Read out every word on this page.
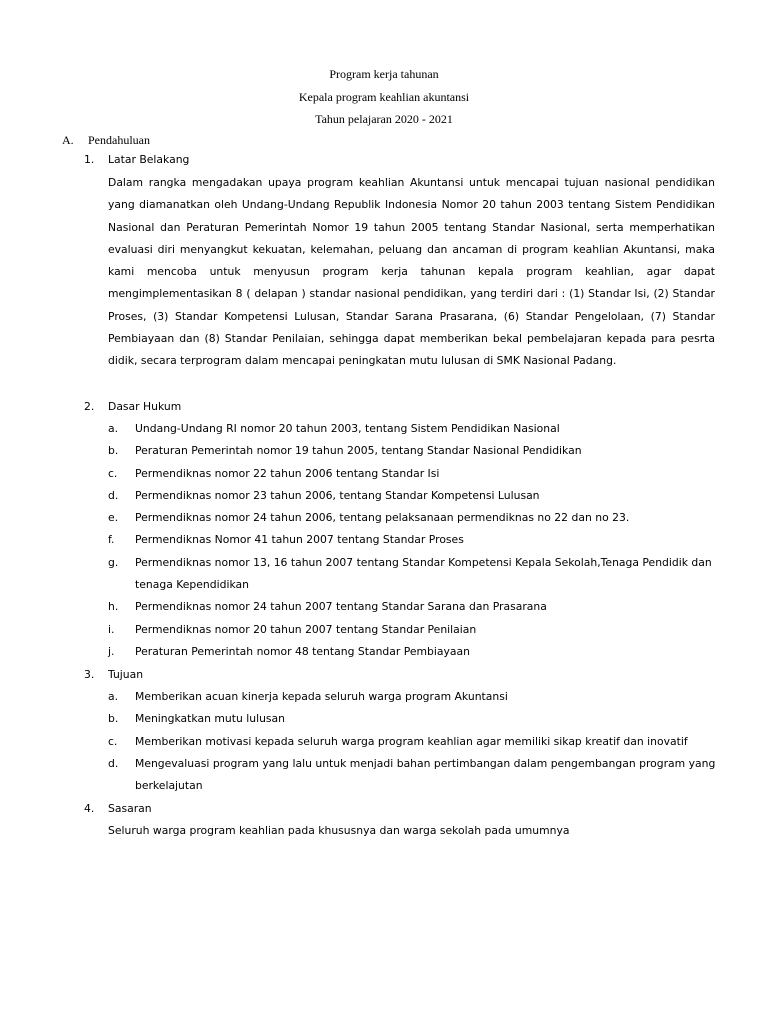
Program kerja tahunan
Kepala program keahlian akuntansi
Tahun pelajaran 2020 - 2021
A. Pendahuluan
1. Latar Belakang
Dalam rangka mengadakan upaya program keahlian Akuntansi untuk mencapai tujuan nasional pendidikan yang diamanatkan oleh Undang-Undang Republik Indonesia Nomor 20 tahun 2003 tentang Sistem Pendidikan Nasional dan Peraturan Pemerintah Nomor 19 tahun 2005 tentang Standar Nasional, serta memperhatikan evaluasi diri menyangkut kekuatan, kelemahan, peluang dan ancaman di program keahlian Akuntansi, maka kami mencoba untuk menyusun program kerja tahunan kepala program keahlian, agar dapat mengimplementasikan 8 ( delapan ) standar nasional pendidikan, yang terdiri dari : (1) Standar Isi, (2) Standar Proses, (3) Standar Kompetensi Lulusan, Standar Sarana Prasarana, (6) Standar Pengelolaan, (7) Standar Pembiayaan dan (8) Standar Penilaian, sehingga dapat memberikan bekal pembelajaran kepada para pesrta didik, secara terprogram dalam mencapai peningkatan mutu lulusan di SMK Nasional Padang.
2. Dasar Hukum
a. Undang-Undang RI nomor 20 tahun 2003, tentang Sistem Pendidikan Nasional
b. Peraturan Pemerintah nomor 19 tahun 2005, tentang Standar Nasional Pendidikan
c. Permendiknas nomor 22 tahun 2006 tentang Standar Isi
d. Permendiknas nomor 23 tahun 2006, tentang Standar Kompetensi Lulusan
e. Permendiknas nomor 24 tahun 2006, tentang pelaksanaan permendiknas no 22 dan no 23.
f. Permendiknas Nomor 41 tahun 2007 tentang Standar Proses
g. Permendiknas nomor 13, 16 tahun 2007 tentang Standar Kompetensi Kepala Sekolah,Tenaga Pendidik dan tenaga Kependidikan
h. Permendiknas nomor 24 tahun 2007 tentang Standar Sarana dan Prasarana
i. Permendiknas nomor 20 tahun 2007 tentang Standar Penilaian
j. Peraturan Pemerintah nomor 48 tentang Standar Pembiayaan
3. Tujuan
a. Memberikan acuan kinerja kepada seluruh warga program Akuntansi
b. Meningkatkan mutu lulusan
c. Memberikan motivasi kepada seluruh warga program keahlian agar memiliki sikap kreatif dan inovatif
d. Mengevaluasi program yang lalu untuk menjadi bahan pertimbangan dalam pengembangan program yang berkelajutan
4. Sasaran
Seluruh warga program keahlian pada khususnya dan warga sekolah pada umumnya
